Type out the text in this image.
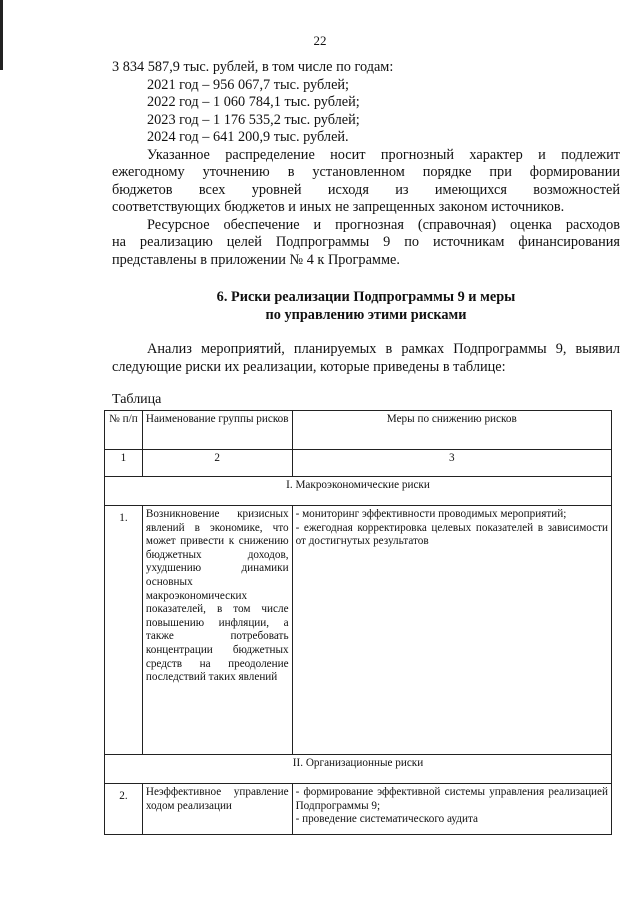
22

3 834 587,9 тыс. рублей, в том числе по годам:

2021 год – 956 067,7 тыс. рублей;

2022 год – 1 060 784,1 тыс. рублей;

2023 год – 1 176 535,2 тыс. рублей;

2024 год – 641 200,9 тыс. рублей.

Указанное распределение носит прогнозный характер и подлежит

ежегодному уточнению в установленном порядке при формировании

бюджетов всех уровней исходя из имеющихся возможностей

соответствующих бюджетов и иных не запрещенных законом источников.

Ресурсное обеспечение и прогнозная (справочная) оценка расходов

на реализацию целей Подпрограммы 9 по источникам финансирования

представлены в приложении № 4 к Программе.

6. Риски реализации Подпрограммы 9 и меры
по управлению этими рисками
Анализ мероприятий, планируемых в рамках Подпрограммы 9, выявил следующие риски их реализации, которые приведены в таблице:
Таблица
№ п/п	Наименование группы рисков	Меры по снижению рисков
1	2	3
I. Макроэкономические риски		
1.	Возникновение кризисных явлений в экономике, что может привести к снижению бюджетных доходов, ухудшению динамики основных макроэкономических показателей, в том числе повышению инфляции, а также потребовать концентрации бюджетных средств на преодоление последствий таких явлений	- мониторинг эффективности проводимых мероприятий;
- ежегодная корректировка целевых показателей в зависимости от достигнутых результатов

II. Организационные риски		
2.	Неэффективное управление ходом реализации	- формирование эффективной системы управления реализацией Подпрограммы 9;
- проведение систематического аудита
